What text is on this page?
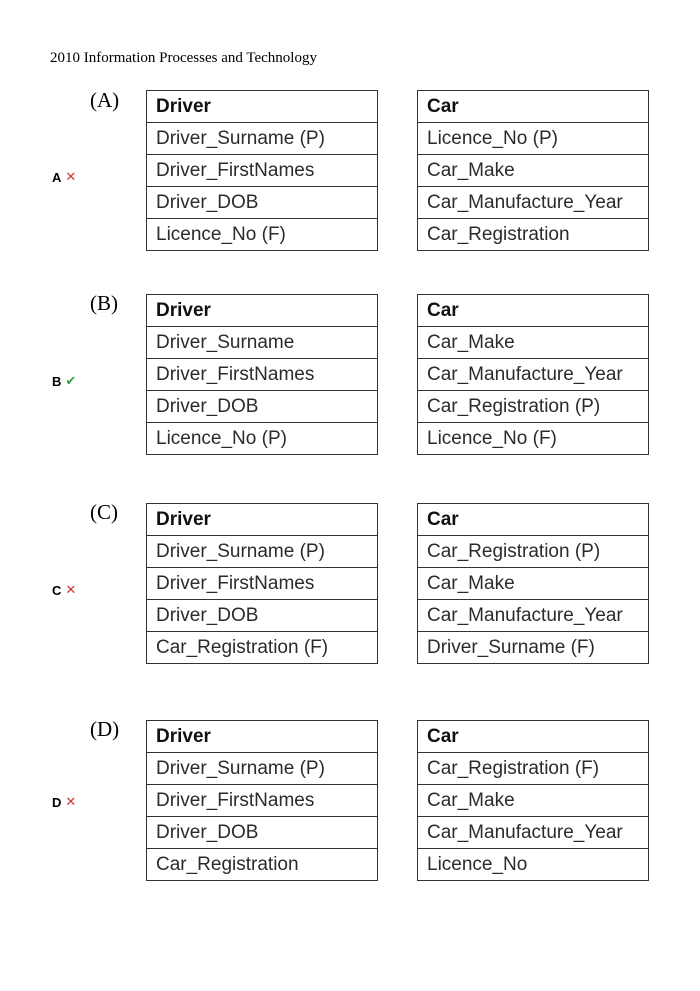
2010 Information Processes and Technology
(A)
A ✕
Driver
Driver_Surname (P)
Driver_FirstNames
Driver_DOB
Licence_No (F)
Car
Licence_No (P)
Car_Make
Car_Manufacture_Year
Car_Registration
(B)
B ✔
Driver
Driver_Surname
Driver_FirstNames
Driver_DOB
Licence_No (P)
Car
Car_Make
Car_Manufacture_Year
Car_Registration (P)
Licence_No (F)
(C)
C ✕
Driver
Driver_Surname (P)
Driver_FirstNames
Driver_DOB
Car_Registration (F)
Car
Car_Registration (P)
Car_Make
Car_Manufacture_Year
Driver_Surname (F)
(D)
D ✕
Driver
Driver_Surname (P)
Driver_FirstNames
Driver_DOB
Car_Registration
Car
Car_Registration (F)
Car_Make
Car_Manufacture_Year
Licence_No
